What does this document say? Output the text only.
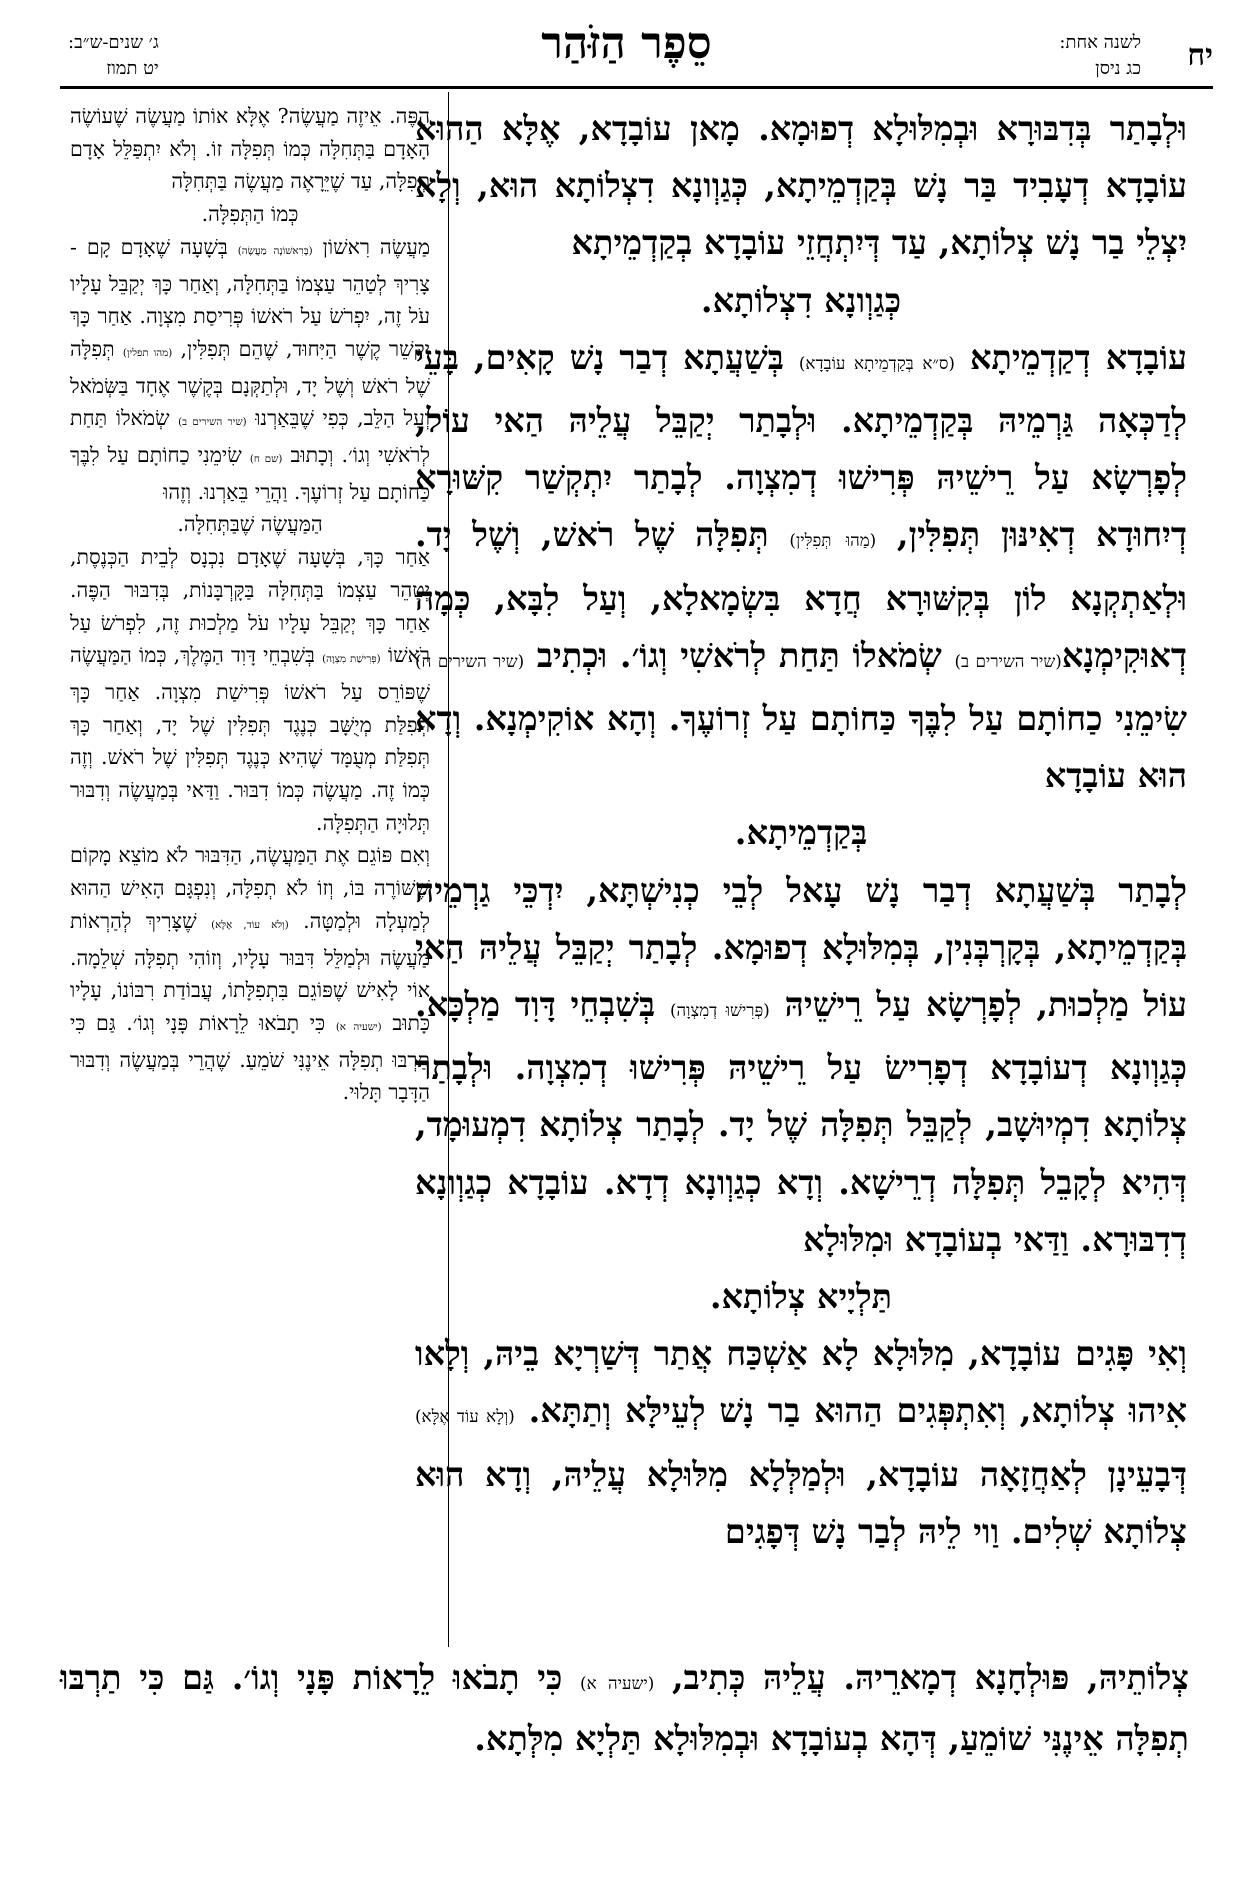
יח
לשנה אחת:
כג ניסן
סֵפֶר הַזֹּהַר
ג׳ שנים-ש״ב:
יט תמוז

וּלְבָתַר בְּדִבּוּרָא וּבְמִלּוּלָא דְפוּמָא. מָאן עוֹבָדָא, אֶלָּא הַהוּא עוֹבָדָא דְעָבִיד בַּר נָשׁ בְּקַדְמֵיתָא, כְּגַוְונָא דִצְלוֹתָא הוּא, וְלָא יִצְלֵי בַר נָשׁ צְלוֹתָא, עַד דְּיִתְחֲזֵי עוֹבָדָא בְקַדְמֵיתָא

כְּגַוְונָא דִצְלוֹתָא.

עוֹבָדָא דְקַדְמֵיתָא (ס״א בְּקַדְמֵיתָא עוֹבָדָא) בְּשַׁעֲתָא דְבַר נָשׁ קָאִים, בָּעֵי לְדַכְּאָה גַּרְמֵיהּ בְּקַדְמֵיתָא. וּלְבָתַר יְקַבֵּל עֲלֵיהּ הַאי עוֹל, לְפָרְשָׂא עַל רֵישֵׁיהּ פְּרִישׁוּ דְמִצְוָה. לְבָתַר יִתְקְשַׁר קִשּׁוּרָא דְיִחוּדָא דְאִינּוּן תְּפִלִּין, (מַהוּ תְּפִלִּין) תְּפִלָּה שֶׁל רֹאשׁ, וְשֶׁל יָד. וּלְאַתְקְנָא לוֹן בְּקִשּׁוּרָא חֲדָא בִּשְׂמָאלָא, וְעַל לִבָּא, כְּמָה דְאוּקִימְנָא(שיר השירים ב) שְׂמֹאלוֹ תַּחַת לְרֹאשִׁי וְגוֹ׳. וּכְתִיב (שיר השירים ח) שִׂימֵנִי כַחוֹתָם עַל לִבֶּךָ כַּחוֹתָם עַל זְרוֹעֶךָ. וְהָא אוֹקִימְנָא. וְדָא הוּא עוֹבָדָא

בְּקַדְמֵיתָא.

לְבָתַר בְּשַׁעֲתָא דְבַר נָשׁ עָאל לְבֵי כְנִישְׁתָּא, יִדְכֵּי גַרְמֵיהּ בְּקַדְמֵיתָא, בְּקָרְבְּנִין, בְּמִלּוּלָא דְפוּמָא. לְבָתַר יְקַבֵּל עֲלֵיהּ הַאי עוֹל מַלְכוּת, לְפָרְשָׂא עַל רֵישֵׁיהּ (פְּרִישׁוּ דְמִצְוָה) בְּשִׁבְחֵי דָּוִד מַלְכָּא. כְּגַוְונָא דְעוֹבָדָא דְפָרִישׂ עַל רֵישֵׁיהּ פְּרִישׁוּ דְמִצְוָה. וּלְבָתַר צְלוֹתָא דִמְיוּשָׁב, לְקַבֵּל תְּפִלָּה שֶׁל יָד. לְבָתַר צְלוֹתָא דִמְעוּמָד, דְּהִיא לְקָבֵל תְּפִלָּה דְרֵישָׁא. וְדָא כְגַוְונָא דְדָא. עוֹבָדָא כְגַוְונָא דְדִבּוּרָא. וַדַּאי בְעוֹבָדָא וּמִלּוּלָא

תַּלְיָיא צְלוֹתָא.

וְאִי פָּגִים עוֹבָדָא, מִלּוּלָא לָא אַשְׁכַּח אֲתַר דְּשַׁרְיָא בֵיהּ, וְלָאו אִיהוּ צְלוֹתָא, וְאִתְפְּגִים הַהוּא בַר נָשׁ לְעֵילָּא וְתַתָּא. (וְלָא עוֹד אֶלָּא) דְּבָעֵינָן לְאַחֲזָאָה עוֹבָדָא, וּלְמַלְּלָא מִלּוּלָא עֲלֵיהּ, וְדָא הוּא צְלוֹתָא שְׁלִים. וַוי לֵיהּ לְבַר נָשׁ דְּפָגִים

הַפֶּה. אֵיזֶה מַעֲשֶׂה? אֶלָּא אוֹתוֹ מַעֲשֶׂה שֶׁעוֹשֶׂה הָאָדָם בַּתְּחִלָּה כְּמוֹ תְּפִלָּה זוֹ. וְלֹא יִתְפַּלֵּל אָדָם תְּפִלָּה, עַד שֶׁיֵּרָאֶה מַעֲשֶׂה בַּתְּחִלָּה

כְּמוֹ הַתְּפִלָּה.

מַעֲשֶׂה רִאשׁוֹן (בָּרִאשׁוֹנָה מַעֲשֶׂה) בְּשָׁעָה שֶׁאָדָם קָם - צָרִיךְ לְטַהֵר עַצְמוֹ בַּתְּחִלָּה, וְאַחַר כָּךְ יְקַבֵּל עָלָיו עֹל זֶה, יִפְרֹשׂ עַל רֹאשׁוֹ פְּרִיסַת מִצְוָה. אַחַר כָּךְ יִקָּשֵׁר קֶשֶׁר הַיִּחוּד, שֶׁהֵם תְּפִלִּין, (מהו תפלין) תְּפִלָּה שֶׁל רֹאשׁ וְשֶׁל יָד, וּלְתַקְּנָם בְּקֶשֶׁר אֶחָד בַּשְּׂמֹאל וְעַל הַלֵּב, כְּפִי שֶׁבֵּאַרְנוּ (שיר השירים ב) שְׂמֹאלוֹ תַּחַת לְרֹאשִׁי וְגוֹ׳. וְכָתוּב (שם ח) שִׂימֵנִי כַחוֹתָם עַל לִבֶּךָ כַּחוֹתָם עַל זְרוֹעֶךָ. וַהֲרֵי בֵּאַרְנוּ. וְזֶהוּ

הַמַּעֲשֶׂה שֶׁבַּתְּחִלָּה.

אַחַר כָּךְ, בְּשָׁעָה שֶׁאָדָם נִכְנָס לְבֵית הַכְּנֶסֶת, יְטַהֵר עַצְמוֹ בַּתְּחִלָּה בַּקָּרְבָּנוֹת, בְּדִבּוּר הַפֶּה. אַחַר כָּךְ יְקַבֵּל עָלָיו עֹל מַלְכוּת זֶה, לִפְרֹשׂ עַל רֹאשׁוֹ (פְּרִישַׁת מִצְוָה) בְּשִׁבְחֵי דָּוִד הַמֶּלֶךְ, כְּמוֹ הַמַּעֲשֶׂה שֶׁפּוֹרֵס עַל רֹאשׁוֹ פְּרִישַׁת מִצְוָה. אַחַר כָּךְ תְּפִלַּת מְיֻשָּׁב כְּנֶגֶד תְּפִלִּין שֶׁל יָד, וְאַחַר כָּךְ תְּפִלַּת מְעֻמָּד שֶׁהִיא כְּנֶגֶד תְּפִלִּין שֶׁל רֹאשׁ. וְזֶה כְּמוֹ זֶה. מַעֲשֶׂה כְּמוֹ דִבּוּר. וַדַּאי בְּמַעֲשֶׂה וְדִבּוּר תְּלוּיָה הַתְּפִלָּה.

וְאִם פּוֹגֵם אֶת הַמַּעֲשֶׂה, הַדִּבּוּר לֹא מוֹצֵא מָקוֹם שֶׁשּׁוֹרֶה בּוֹ, וְזוֹ לֹא תְפִלָּה, וְנִפְגָּם הָאִישׁ הַהוּא לְמַעְלָה וּלְמַטָּה. (וְלֹא עוֹד, אֶלָּא) שֶׁצָּרִיךְ לְהַרְאוֹת מַעֲשֶׂה וּלְמַלֵּל דִּבּוּר עָלָיו, וְזוֹהִי תְפִלָּה שְׁלֵמָה. אוֹי לָאִישׁ שֶׁפּוֹגֵם בִּתְפִלָּתוֹ, עֲבוֹדַת רִבּוֹנוֹ, עָלָיו כָּתוּב (ישעיה א) כִּי תָבֹאוּ לֵרָאוֹת פָּנָי וְגוֹ׳. גַּם כִּי תַרְבּוּ תְפִלָּה אֵינֶנִּי שֹׁמֵעַ. שֶׁהֲרֵי בְּמַעֲשֶׂה וְדִבּוּר הַדָּבָר תָּלוּי.

צְלוֹתֵיהּ, פּוּלְחָנָא דְמָארֵיהּ. עֲלֵיהּ כְּתִיב, (ישעיה א) כִּי תָבֹאוּ לֵרָאוֹת פָּנָי וְגוֹ׳. גַּם כִּי תַרְבּוּ תְפִלָּה אֵינֶנִּי שׁוֹמֵעַ, דְּהָא בְעוֹבָדָא וּבְמִלּוּלָא תַּלְיָא מִלְּתָא.
